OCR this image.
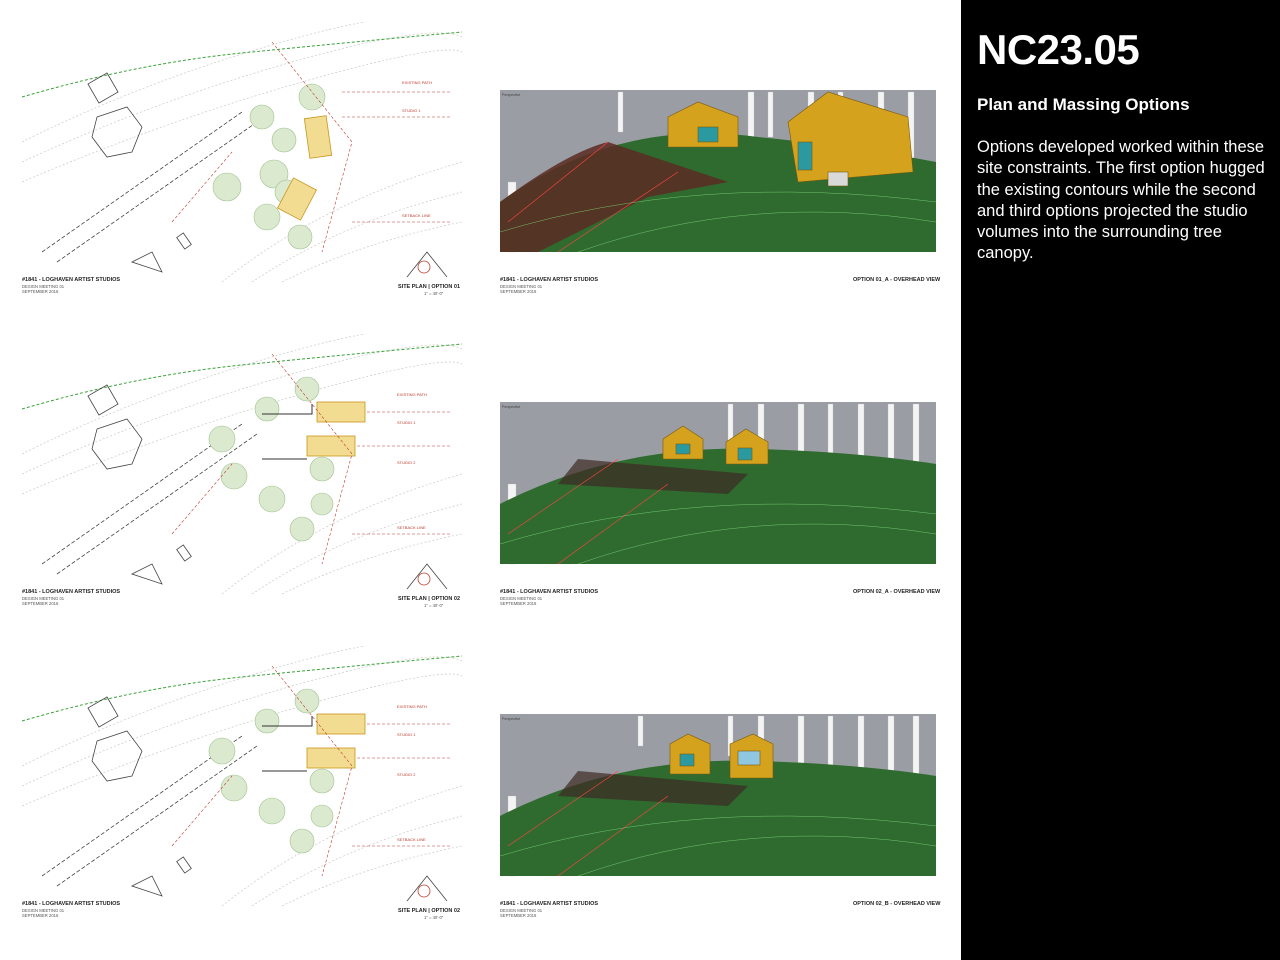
EXISTING PATH
STUDIO 1
SETBACK LINE
#1841 - LOGHAVEN ARTIST STUDIOS
DESIGN MEETING 01
SEPTEMBER 2016
SITE PLAN | OPTION 01
1" = 40'-0"
Perspective
#1841 - LOGHAVEN ARTIST STUDIOS
DESIGN MEETING 01
SEPTEMBER 2016
OPTION 01_A - OVERHEAD VIEW
EXISTING PATH
STUDIO 1
STUDIO 2
SETBACK LINE
#1841 - LOGHAVEN ARTIST STUDIOS
DESIGN MEETING 01
SEPTEMBER 2016
SITE PLAN | OPTION 02
1" = 40'-0"
Perspective
#1841 - LOGHAVEN ARTIST STUDIOS
DESIGN MEETING 01
SEPTEMBER 2016
OPTION 02_A - OVERHEAD VIEW
EXISTING PATH
STUDIO 1
STUDIO 2
SETBACK LINE
#1841 - LOGHAVEN ARTIST STUDIOS
DESIGN MEETING 01
SEPTEMBER 2016
SITE PLAN | OPTION 02
1" = 40'-0"
Perspective
#1841 - LOGHAVEN ARTIST STUDIOS
DESIGN MEETING 01
SEPTEMBER 2016
OPTION 02_B - OVERHEAD VIEW
NC23.05
Plan and Massing Options

Options developed worked within these site constraints. The first option hugged the existing contours while the second and third options projected the studio volumes into the surrounding tree canopy.
